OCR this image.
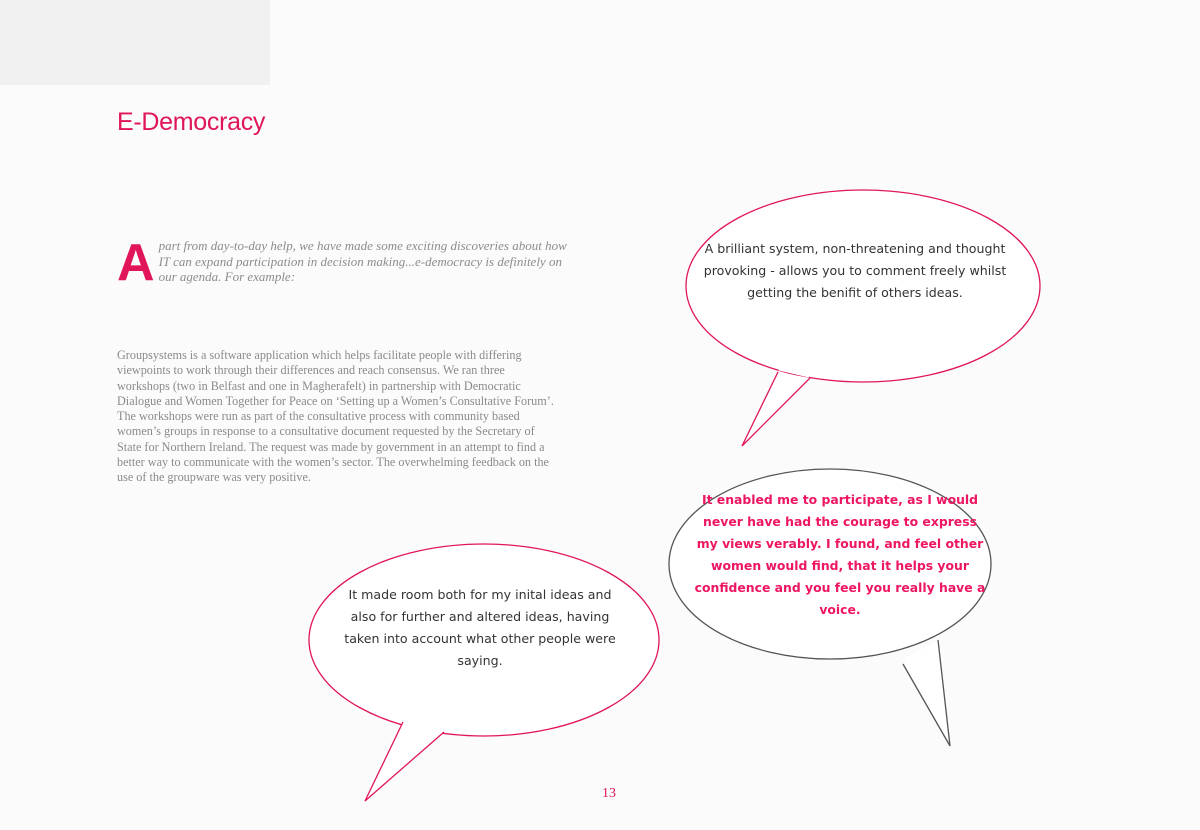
E-Democracy
Apart from day-to-day help, we have made some exciting discoveries about how IT can expand participation in decision making...e-democracy is definitely on our agenda. For example:

Groupsystems is a software application which helps facilitate people with differing viewpoints to work through their differences and reach consensus. We ran three workshops (two in Belfast and one in Magherafelt) in partnership with Democratic Dialogue and Women Together for Peace on ‘Setting up a Women’s Consultative Forum’. The workshops were run as part of the consultative process with community based women’s groups in response to a consultative document requested by the Secretary of State for Northern Ireland. The request was made by government in an attempt to find a better way to communicate with the women’s sector. The overwhelming feedback on the use of the groupware was very positive.

A brilliant system, non-threatening and thought provoking - allows you to comment freely whilst getting the benifit of others ideas.

It made room both for my inital ideas and also for further and altered ideas, having taken into account what other people were saying.

It enabled me to participate, as I would never have had the courage to express my views verably. I found, and feel other women would find, that it helps your confidence and you feel you really have a voice.

13
